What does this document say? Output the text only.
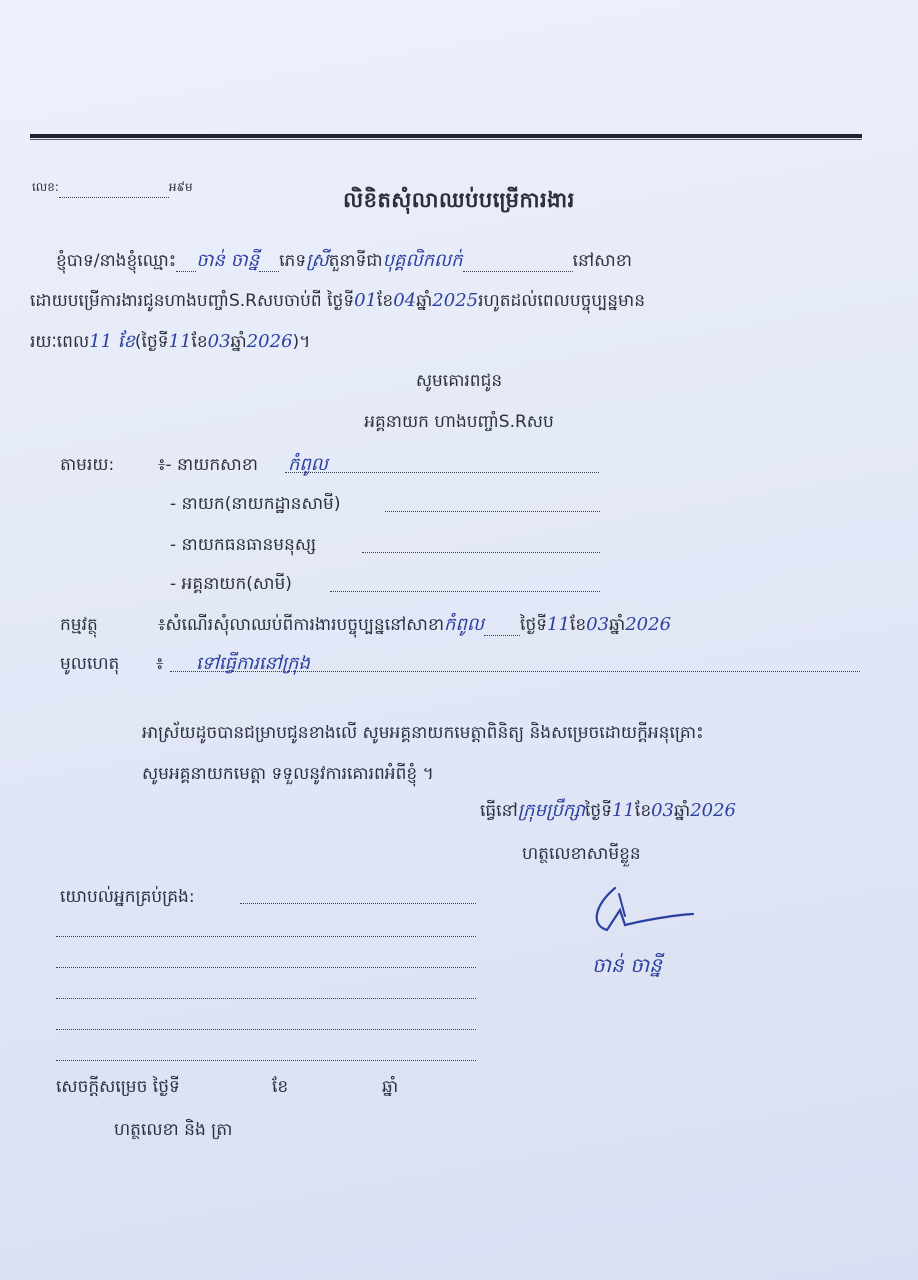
លេខ:	អ៩ម
លិខិតសុំលាឈប់បម្រើការងារ
ខ្ញុំបាទ/នាងខ្ញុំឈ្មោះ ចាន់ ចាន្នី ភេទស្រីតួនាទីជាបុគ្គលិកលក់	នៅសាខា
ដោយបម្រើការងារជូនហាងបញ្ចាំS.Rសបចាប់ពី ថ្ងៃទី01ខែ04ឆ្នាំ2025រហូតដល់ពេលបច្ចុប្បន្នមាន
រយៈពេល11 ខែ(ថ្ងៃទី11ខែ03ឆ្នាំ2026)។
សូមគោរពជូន
អគ្គនាយក ហាងបញ្ចាំS.Rសប
តាមរយ:	៖- នាយកសាខា កំពូល
- នាយក(នាយកដ្ឋានសាមី)
- នាយកធនធានមនុស្ស
- អគ្គនាយក(សាមី)
កម្មវត្ថុ	៖សំណើរសុំលាឈប់ពីការងារបច្ចុប្បន្ននៅសាខាកំពូល ថ្ងៃទី11ខែ03ឆ្នាំ2026
មូលហេតុ ៖ ទៅធ្វើការនៅក្រុង
អាស្រ័យដូចបានជម្រាបជូនខាងលើ សូមអគ្គនាយកមេត្តាពិនិត្យ និងសម្រេចដោយក្ដីអនុគ្រោះ
សូមអគ្គនាយកមេត្តា ទទួលនូវការគោរពអំពីខ្ញុំ ។
ធ្វើនៅក្រុមប្រឹក្សាថ្ងៃទី11ខែ03ឆ្នាំ2026
ហត្ថលេខាសាមីខ្លួន
ចាន់ ចាន្នី
យោបល់អ្នកគ្រប់គ្រង:
សេចក្ដីសម្រេច ថ្ងៃទី	ខែ	ឆ្នាំ
ហត្ថលេខា និង ត្រា
